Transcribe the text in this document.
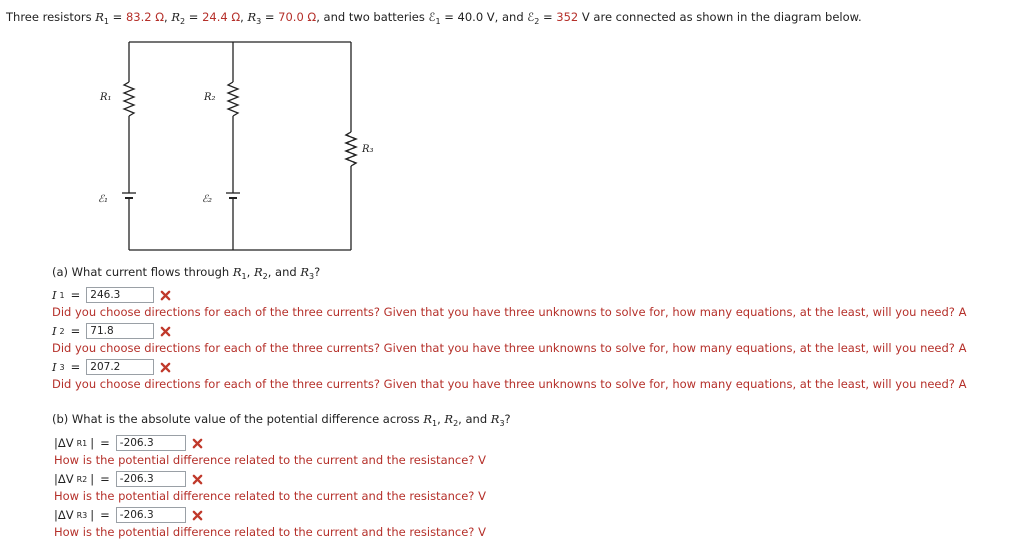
Three resistors $R_1 = 83.2$ Ω, $R_2 = 24.4$ Ω, $R_3 = 70.0$ Ω, and two batteries ℰ$_1$ = 40.0 V, and ℰ$_2$ = 352 V are connected as shown in the diagram below.
R₁	R₂
R₃
ℰ₁	ℰ₂
(a) What current flows through $R_1$, $R_2$, and $R_3$?
I 1 = 246.3
Did you choose directions for each of the three currents? Given that you have three unknowns to solve for, how many equations, at the least, will you need? A
I 2 = 71.8
Did you choose directions for each of the three currents? Given that you have three unknowns to solve for, how many equations, at the least, will you need? A
I 3 = 207.2
Did you choose directions for each of the three currents? Given that you have three unknowns to solve for, how many equations, at the least, will you need? A
(b) What is the absolute value of the potential difference across $R_1$, $R_2$, and $R_3$?
|ΔV R1 | = -206.3
How is the potential difference related to the current and the resistance? V
|ΔV R2 | = -206.3
How is the potential difference related to the current and the resistance? V
|ΔV R3 | = -206.3
How is the potential difference related to the current and the resistance? V
